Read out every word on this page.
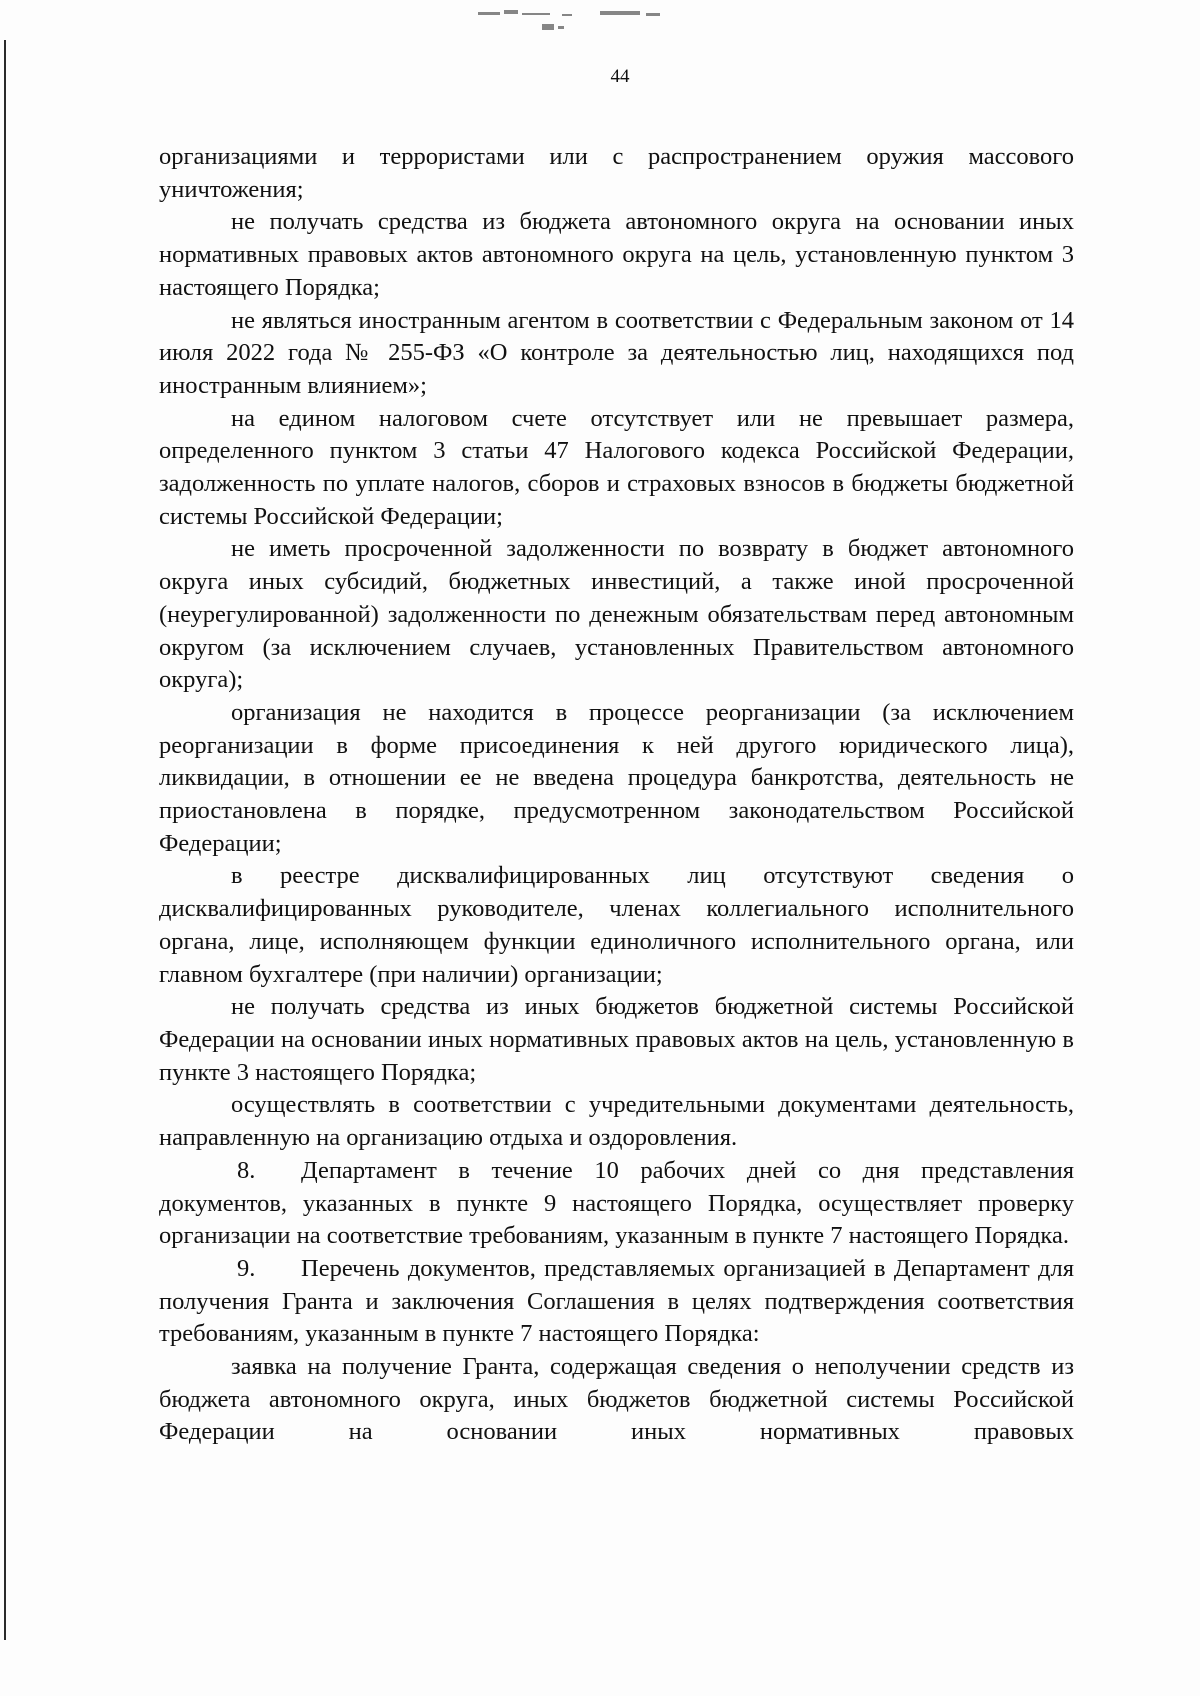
44

организациями и террористами или с распространением оружия массового уничтожения;

не получать средства из бюджета автономного округа на основании иных нормативных правовых актов автономного округа на цель, установленную пунктом 3 настоящего Порядка;

не являться иностранным агентом в соответствии с Федеральным законом от 14 июля 2022 года № 255-ФЗ «О контроле за деятельностью лиц, находящихся под иностранным влиянием»;

на едином налоговом счете отсутствует или не превышает размера, определенного пунктом 3 статьи 47 Налогового кодекса Российской Федерации, задолженность по уплате налогов, сборов и страховых взносов в бюджеты бюджетной системы Российской Федерации;

не иметь просроченной задолженности по возврату в бюджет автономного округа иных субсидий, бюджетных инвестиций, а также иной просроченной (неурегулированной) задолженности по денежным обязательствам перед автономным округом (за исключением случаев, установленных Правительством автономного округа);

организация не находится в процессе реорганизации (за исключением реорганизации в форме присоединения к ней другого юридического лица), ликвидации, в отношении ее не введена процедура банкротства, деятельность не приостановлена в порядке, предусмотренном законодательством Российской Федерации;

в реестре дисквалифицированных лиц отсутствуют сведения о дисквалифицированных руководителе, членах коллегиального исполнительного органа, лице, исполняющем функции единоличного исполнительного органа, или главном бухгалтере (при наличии) организации;

не получать средства из иных бюджетов бюджетной системы Российской Федерации на основании иных нормативных правовых актов на цель, установленную в пункте 3 настоящего Порядка;

осуществлять в соответствии с учредительными документами деятельность, направленную на организацию отдыха и оздоровления.

8. Департамент в течение 10 рабочих дней со дня представления документов, указанных в пункте 9 настоящего Порядка, осуществляет проверку организации на соответствие требованиям, указанным в пункте 7 настоящего Порядка.

9. Перечень документов, представляемых организацией в Департамент для получения Гранта и заключения Соглашения в целях подтверждения соответствия требованиям, указанным в пункте 7 настоящего Порядка:

заявка на получение Гранта, содержащая сведения о неполучении средств из бюджета автономного округа, иных бюджетов бюджетной системы Российской Федерации на основании иных нормативных правовых
